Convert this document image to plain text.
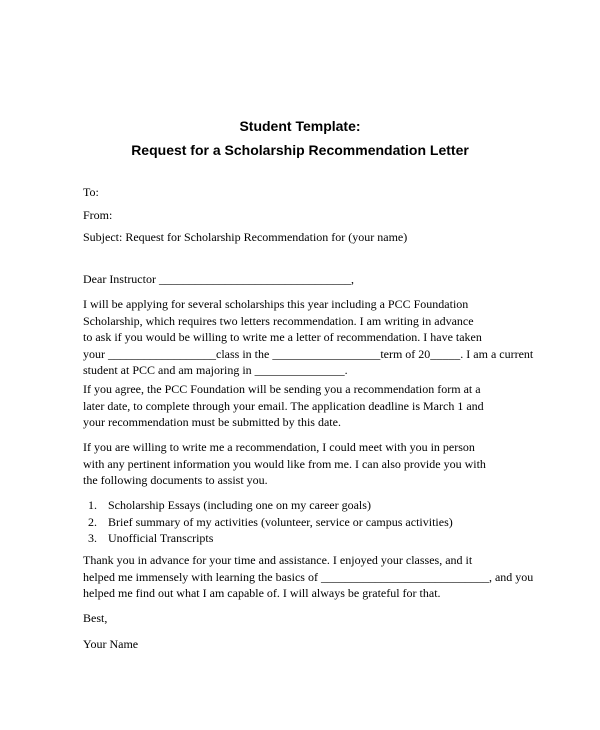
Student Template:
Request for a Scholarship Recommendation Letter

To:

From:

Subject: Request for Scholarship Recommendation for (your name)

Dear Instructor ________________________________,

I will be applying for several scholarships this year including a PCC Foundation
Scholarship, which requires two letters recommendation. I am writing in advance
to ask if you would be willing to write me a letter of recommendation. I have taken
your __________________class in the __________________term of 20_____. I am a current
student at PCC and am majoring in _______________.
If you agree, the PCC Foundation will be sending you a recommendation form at a
later date, to complete through your email. The application deadline is March 1 and
your recommendation must be submitted by this date.
If you are willing to write me a recommendation, I could meet with you in person
with any pertinent information you would like from me. I can also provide you with
the following documents to assist you.
1. Scholarship Essays (including one on my career goals)
2. Brief summary of my activities (volunteer, service or campus activities)
3. Unofficial Transcripts
Thank you in advance for your time and assistance. I enjoyed your classes, and it
helped me immensely with learning the basics of ____________________________, and you
helped me find out what I am capable of. I will always be grateful for that.

Best,

Your Name
